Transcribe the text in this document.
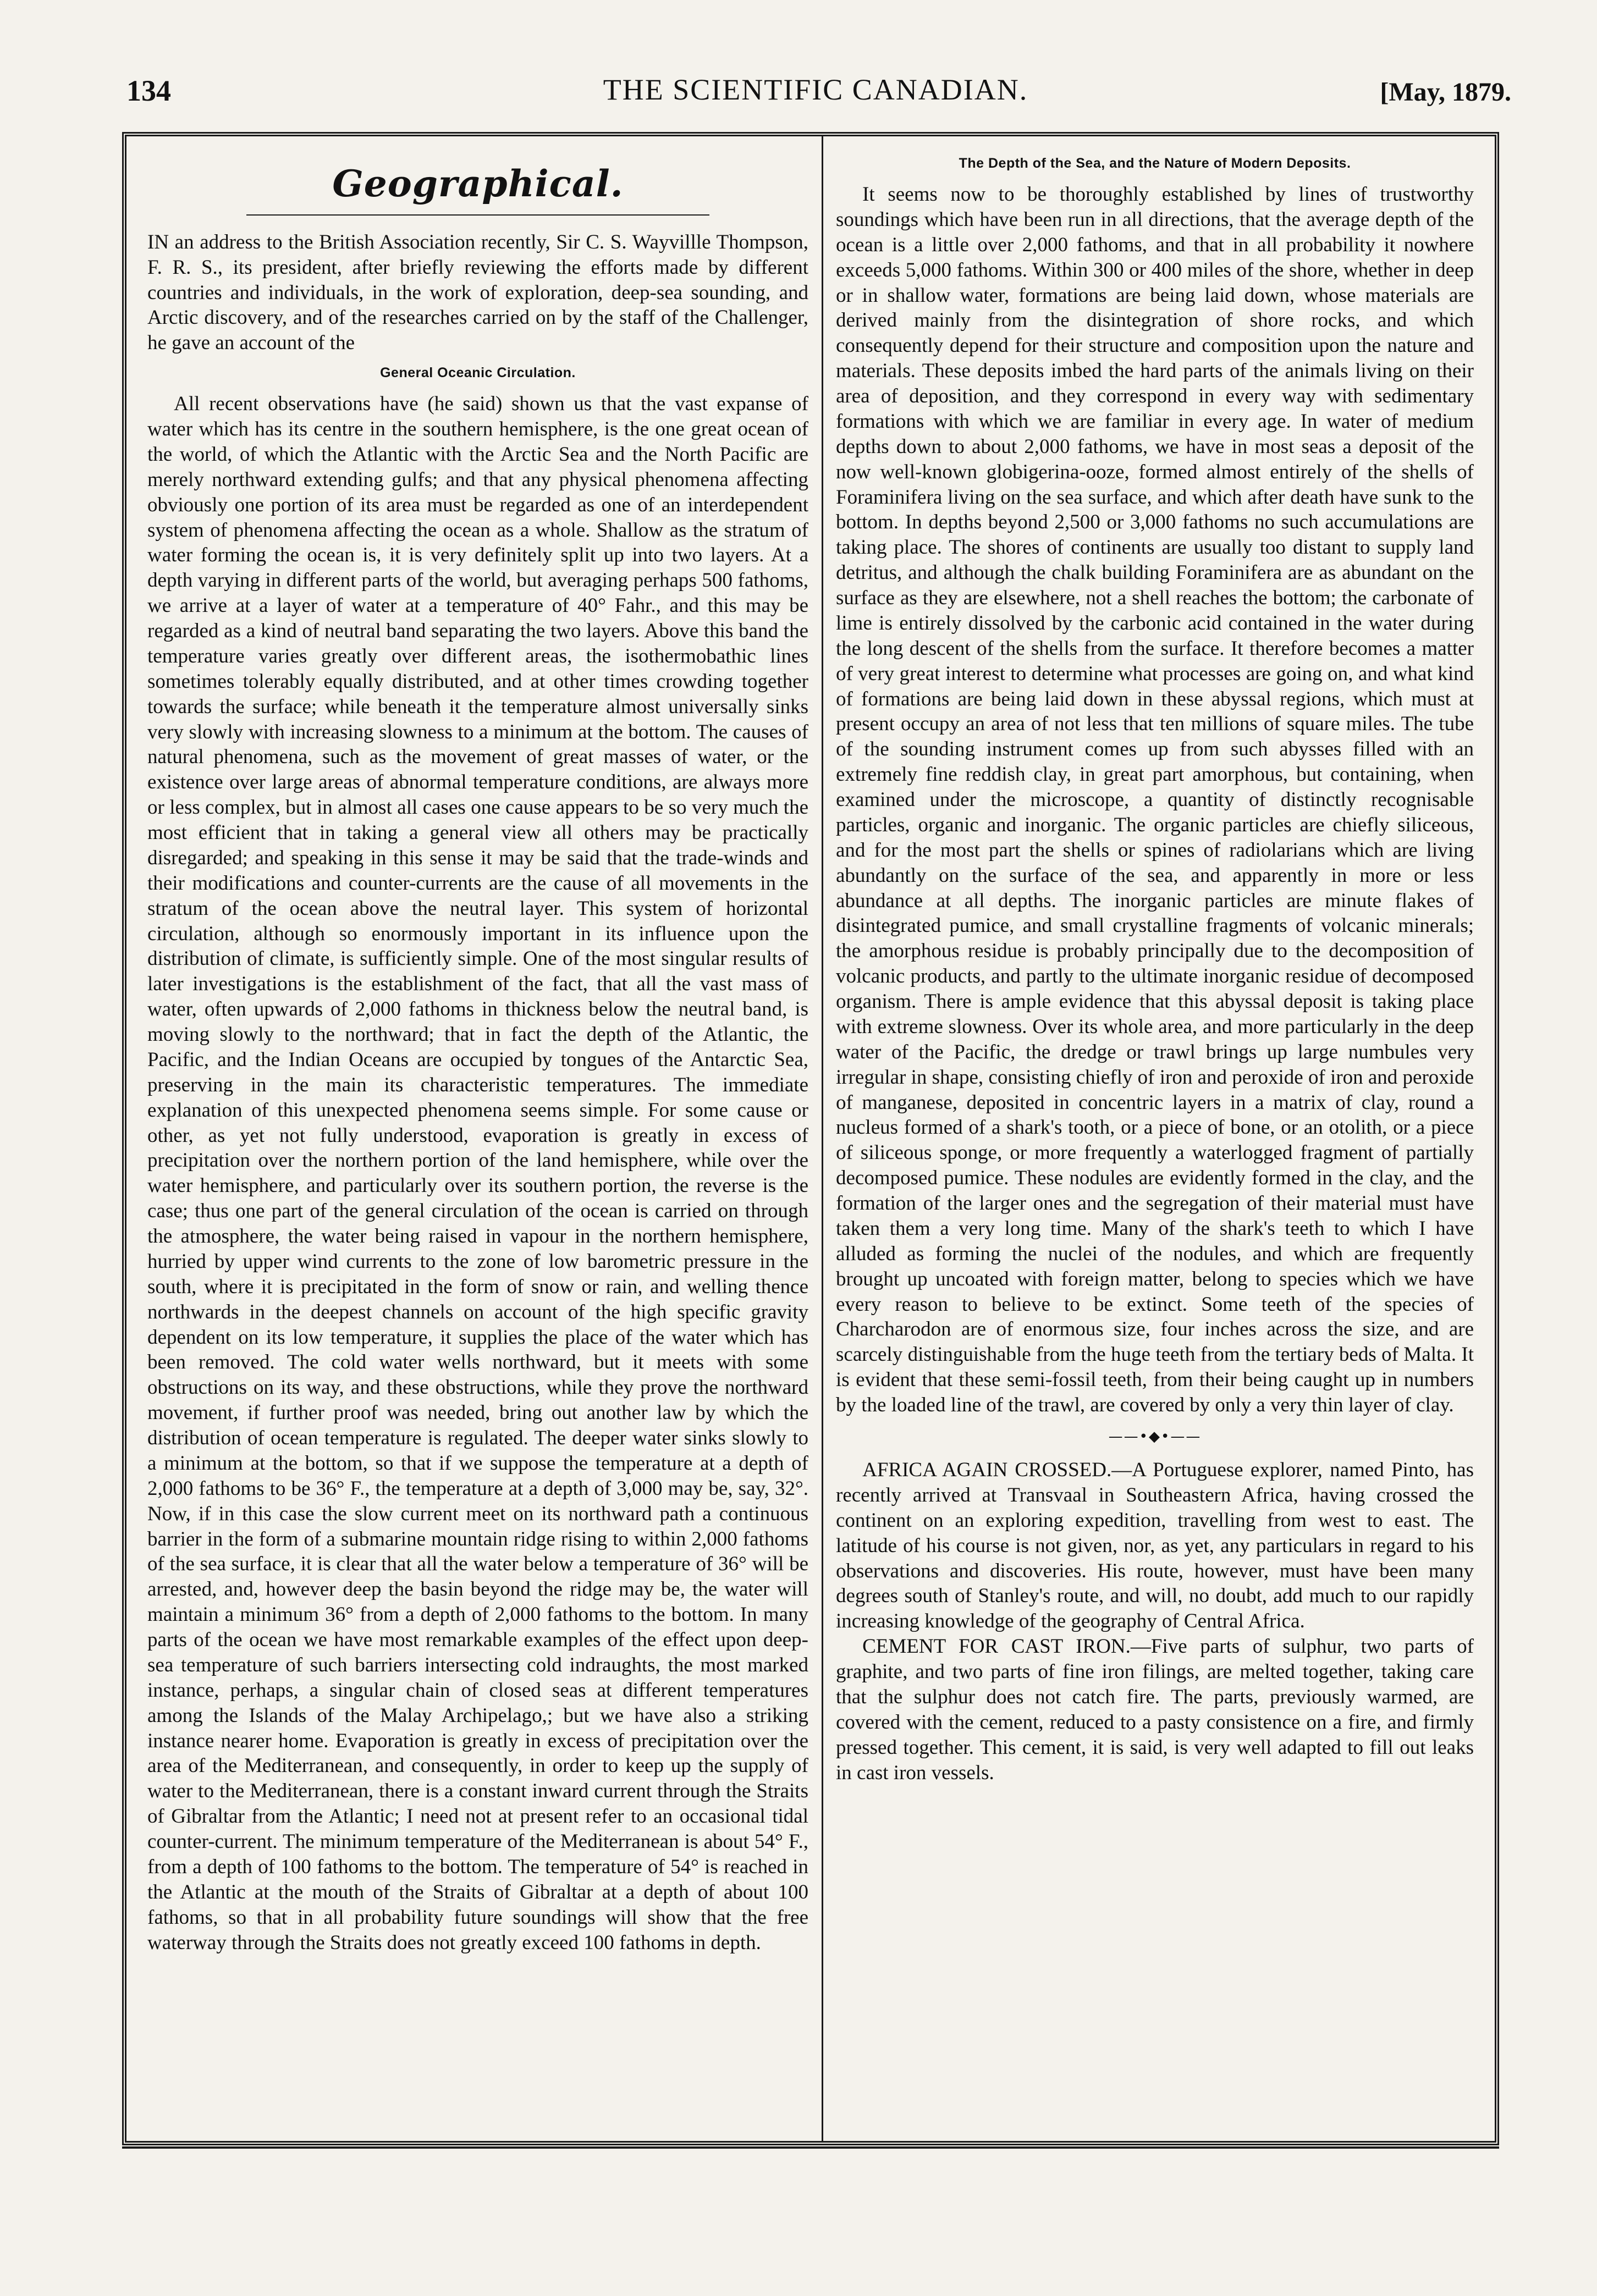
134	THE SCIENTIFIC CANADIAN.	[May, 1879.
Geographical.

IN an address to the British Association recently, Sir C. S. Wayvillle Thompson, F. R. S., its president, after briefly reviewing the efforts made by different countries and individuals, in the work of exploration, deep-sea sounding, and Arctic discovery, and of the researches carried on by the staff of the Challenger, he gave an account of the

General Oceanic Circulation.

All recent observations have (he said) shown us that the vast expanse of water which has its centre in the southern hemisphere, is the one great ocean of the world, of which the Atlantic with the Arctic Sea and the North Pacific are merely northward extending gulfs; and that any physical phenomena affecting obviously one portion of its area must be regarded as one of an interdependent system of phenomena affecting the ocean as a whole. Shallow as the stratum of water forming the ocean is, it is very definitely split up into two layers. At a depth varying in different parts of the world, but averaging perhaps 500 fathoms, we arrive at a layer of water at a temperature of 40° Fahr., and this may be regarded as a kind of neutral band separating the two layers. Above this band the temperature varies greatly over different areas, the isothermobathic lines sometimes tolerably equally distributed, and at other times crowding together towards the surface; while beneath it the temperature almost universally sinks very slowly with increasing slowness to a minimum at the bottom. The causes of natural phenomena, such as the movement of great masses of water, or the existence over large areas of abnormal temperature conditions, are always more or less complex, but in almost all cases one cause appears to be so very much the most efficient that in taking a general view all others may be practically disregarded; and speaking in this sense it may be said that the trade-winds and their modifications and counter-currents are the cause of all movements in the stratum of the ocean above the neutral layer. This system of horizontal circulation, although so enormously important in its influence upon the distribution of climate, is sufficiently simple. One of the most singular results of later investigations is the establishment of the fact, that all the vast mass of water, often upwards of 2,000 fathoms in thickness below the neutral band, is moving slowly to the northward; that in fact the depth of the Atlantic, the Pacific, and the Indian Oceans are occupied by tongues of the Antarctic Sea, preserving in the main its characteristic temperatures. The immediate explanation of this unexpected phenomena seems simple. For some cause or other, as yet not fully understood, evaporation is greatly in excess of precipitation over the northern portion of the land hemisphere, while over the water hemisphere, and particularly over its southern portion, the reverse is the case; thus one part of the general circulation of the ocean is carried on through the atmosphere, the water being raised in vapour in the northern hemisphere, hurried by upper wind currents to the zone of low barometric pressure in the south, where it is precipitated in the form of snow or rain, and welling thence northwards in the deepest channels on account of the high specific gravity dependent on its low temperature, it supplies the place of the water which has been removed. The cold water wells northward, but it meets with some obstructions on its way, and these obstructions, while they prove the northward movement, if further proof was needed, bring out another law by which the distribution of ocean temperature is regulated. The deeper water sinks slowly to a minimum at the bottom, so that if we suppose the temperature at a depth of 2,000 fathoms to be 36° F., the temperature at a depth of 3,000 may be, say, 32°. Now, if in this case the slow current meet on its northward path a continuous barrier in the form of a submarine mountain ridge rising to within 2,000 fathoms of the sea surface, it is clear that all the water below a temperature of 36° will be arrested, and, however deep the basin beyond the ridge may be, the water will maintain a minimum 36° from a depth of 2,000 fathoms to the bottom. In many parts of the ocean we have most remarkable examples of the effect upon deep-sea temperature of such barriers intersecting cold indraughts, the most marked instance, perhaps, a singular chain of closed seas at different temperatures among the Islands of the Malay Archipelago,; but we have also a striking instance nearer home. Evaporation is greatly in excess of precipitation over the area of the Mediterranean, and consequently, in order to keep up the supply of water to the Mediterranean, there is a constant inward current through the Straits of Gibraltar from the Atlantic; I need not at present refer to an occasional tidal counter-current. The minimum temperature of the Mediterranean is about 54° F., from a depth of 100 fathoms to the bottom. The temperature of 54° is reached in the Atlantic at the mouth of the Straits of Gibraltar at a depth of about 100 fathoms, so that in all probability future soundings will show that the free waterway through the Straits does not greatly exceed 100 fathoms in depth.

The Depth of the Sea, and the Nature of Modern Deposits.

It seems now to be thoroughly established by lines of trustworthy soundings which have been run in all directions, that the average depth of the ocean is a little over 2,000 fathoms, and that in all probability it nowhere exceeds 5,000 fathoms. Within 300 or 400 miles of the shore, whether in deep or in shallow water, formations are being laid down, whose materials are derived mainly from the disintegration of shore rocks, and which consequently depend for their structure and composition upon the nature and materials. These deposits imbed the hard parts of the animals living on their area of deposition, and they correspond in every way with sedimentary formations with which we are familiar in every age. In water of medium depths down to about 2,000 fathoms, we have in most seas a deposit of the now well-known globigerina-ooze, formed almost entirely of the shells of Foraminifera living on the sea surface, and which after death have sunk to the bottom. In depths beyond 2,500 or 3,000 fathoms no such accumulations are taking place. The shores of continents are usually too distant to supply land detritus, and although the chalk building Foraminifera are as abundant on the surface as they are elsewhere, not a shell reaches the bottom; the carbonate of lime is entirely dissolved by the carbonic acid contained in the water during the long descent of the shells from the surface. It therefore becomes a matter of very great interest to determine what processes are going on, and what kind of formations are being laid down in these abyssal regions, which must at present occupy an area of not less that ten millions of square miles. The tube of the sounding instrument comes up from such abysses filled with an extremely fine reddish clay, in great part amorphous, but containing, when examined under the microscope, a quantity of distinctly recognisable particles, organic and inorganic. The organic particles are chiefly siliceous, and for the most part the shells or spines of radiolarians which are living abundantly on the surface of the sea, and apparently in more or less abundance at all depths. The inorganic particles are minute flakes of disintegrated pumice, and small crystalline fragments of volcanic minerals; the amorphous residue is probably principally due to the decomposition of volcanic products, and partly to the ultimate inorganic residue of decomposed organism. There is ample evidence that this abyssal deposit is taking place with extreme slowness. Over its whole area, and more particularly in the deep water of the Pacific, the dredge or trawl brings up large numbules very irregular in shape, consisting chiefly of iron and peroxide of iron and peroxide of manganese, deposited in concentric layers in a matrix of clay, round a nucleus formed of a shark's tooth, or a piece of bone, or an otolith, or a piece of siliceous sponge, or more frequently a waterlogged fragment of partially decomposed pumice. These nodules are evidently formed in the clay, and the formation of the larger ones and the segregation of their material must have taken them a very long time. Many of the shark's teeth to which I have alluded as forming the nuclei of the nodules, and which are frequently brought up uncoated with foreign matter, belong to species which we have every reason to believe to be extinct. Some teeth of the species of Charcharodon are of enormous size, four inches across the size, and are scarcely distinguishable from the huge teeth from the tertiary beds of Malta. It is evident that these semi-fossil teeth, from their being caught up in numbers by the loaded line of the trawl, are covered by only a very thin layer of clay.

——•◆•——

AFRICA AGAIN CROSSED.—A Portuguese explorer, named Pinto, has recently arrived at Transvaal in Southeastern Africa, having crossed the continent on an exploring expedition, travelling from west to east. The latitude of his course is not given, nor, as yet, any particulars in regard to his observations and discoveries. His route, however, must have been many degrees south of Stanley's route, and will, no doubt, add much to our rapidly increasing knowledge of the geography of Central Africa.

CEMENT FOR CAST IRON.—Five parts of sulphur, two parts of graphite, and two parts of fine iron filings, are melted together, taking care that the sulphur does not catch fire. The parts, previously warmed, are covered with the cement, reduced to a pasty consistence on a fire, and firmly pressed together. This cement, it is said, is very well adapted to fill out leaks in cast iron vessels.
